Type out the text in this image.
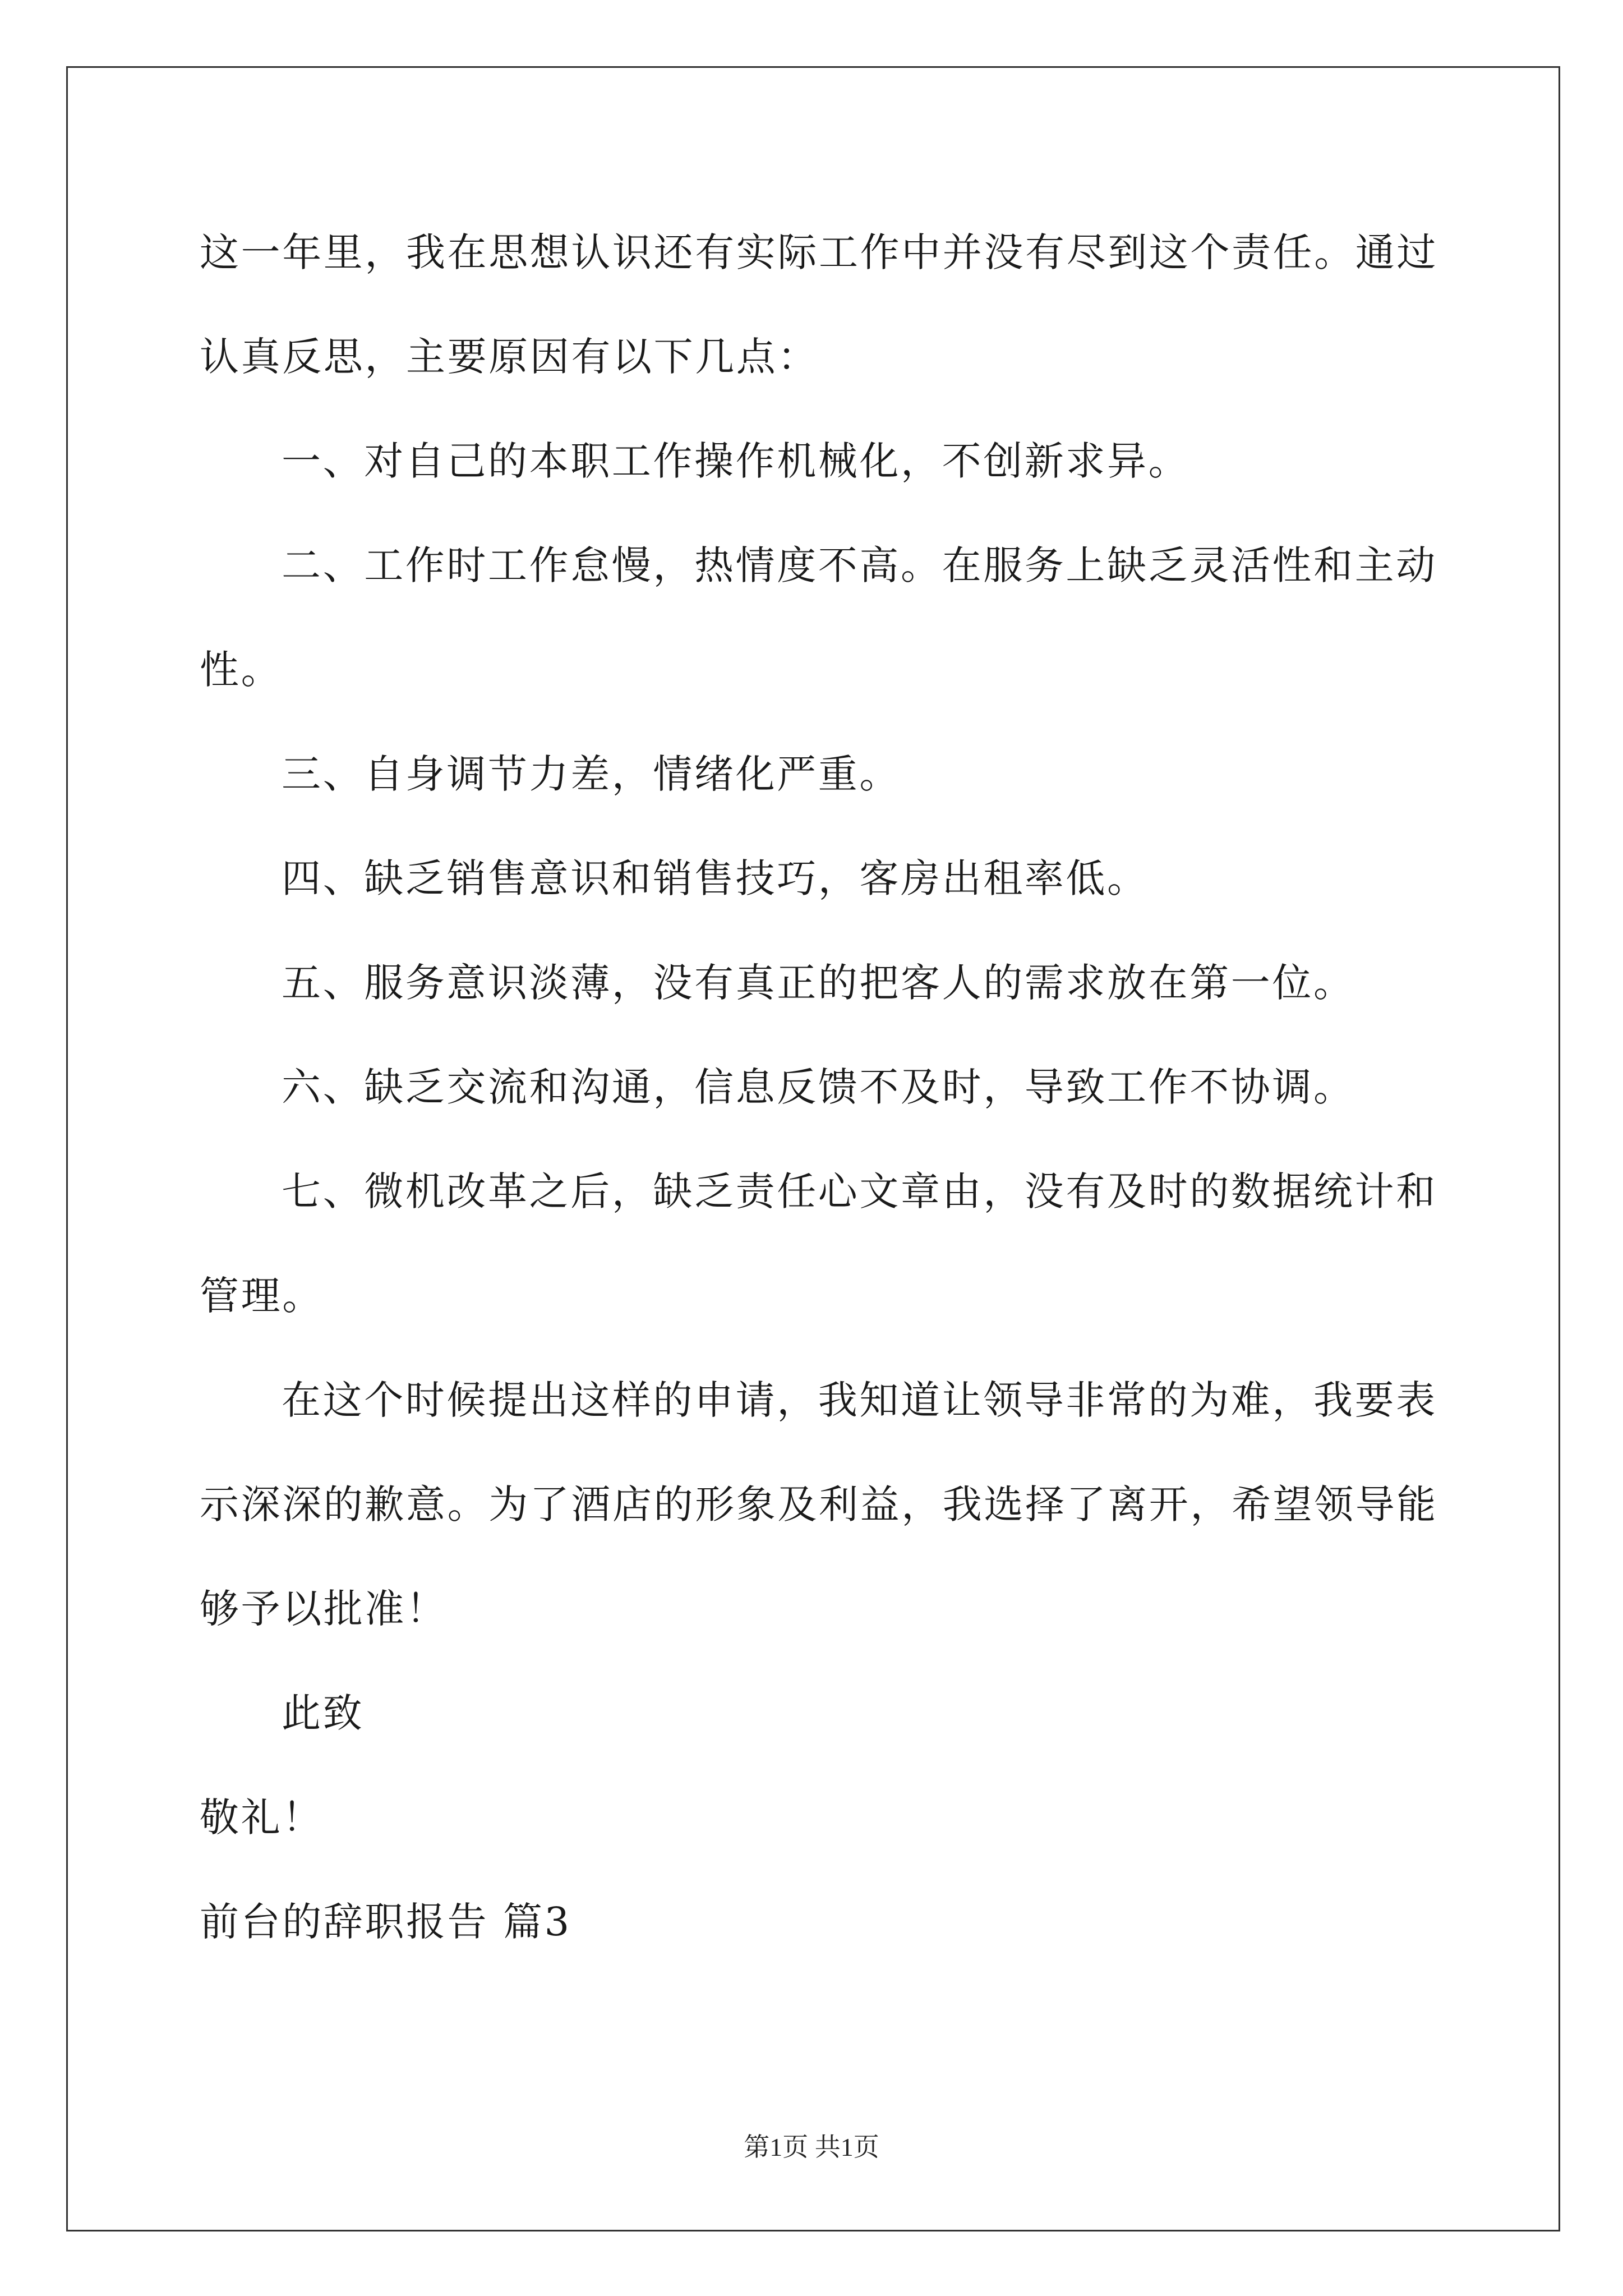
这一年里，我在思想认识还有实际工作中并没有尽到这个责任。通过
认真反思，主要原因有以下几点：
一、对自己的本职工作操作机械化，不创新求异。
二、工作时工作怠慢，热情度不高。在服务上缺乏灵活性和主动
性。
三、自身调节力差，情绪化严重。
四、缺乏销售意识和销售技巧，客房出租率低。
五、服务意识淡薄，没有真正的把客人的需求放在第一位。
六、缺乏交流和沟通，信息反馈不及时，导致工作不协调。
七、微机改革之后，缺乏责任心文章由，没有及时的数据统计和
管理。
在这个时候提出这样的申请，我知道让领导非常的为难，我要表
示深深的歉意。为了酒店的形象及利益，我选择了离开，希望领导能
够予以批准！
此致
敬礼！
前台的辞职报告 篇3
第1页 共1页
